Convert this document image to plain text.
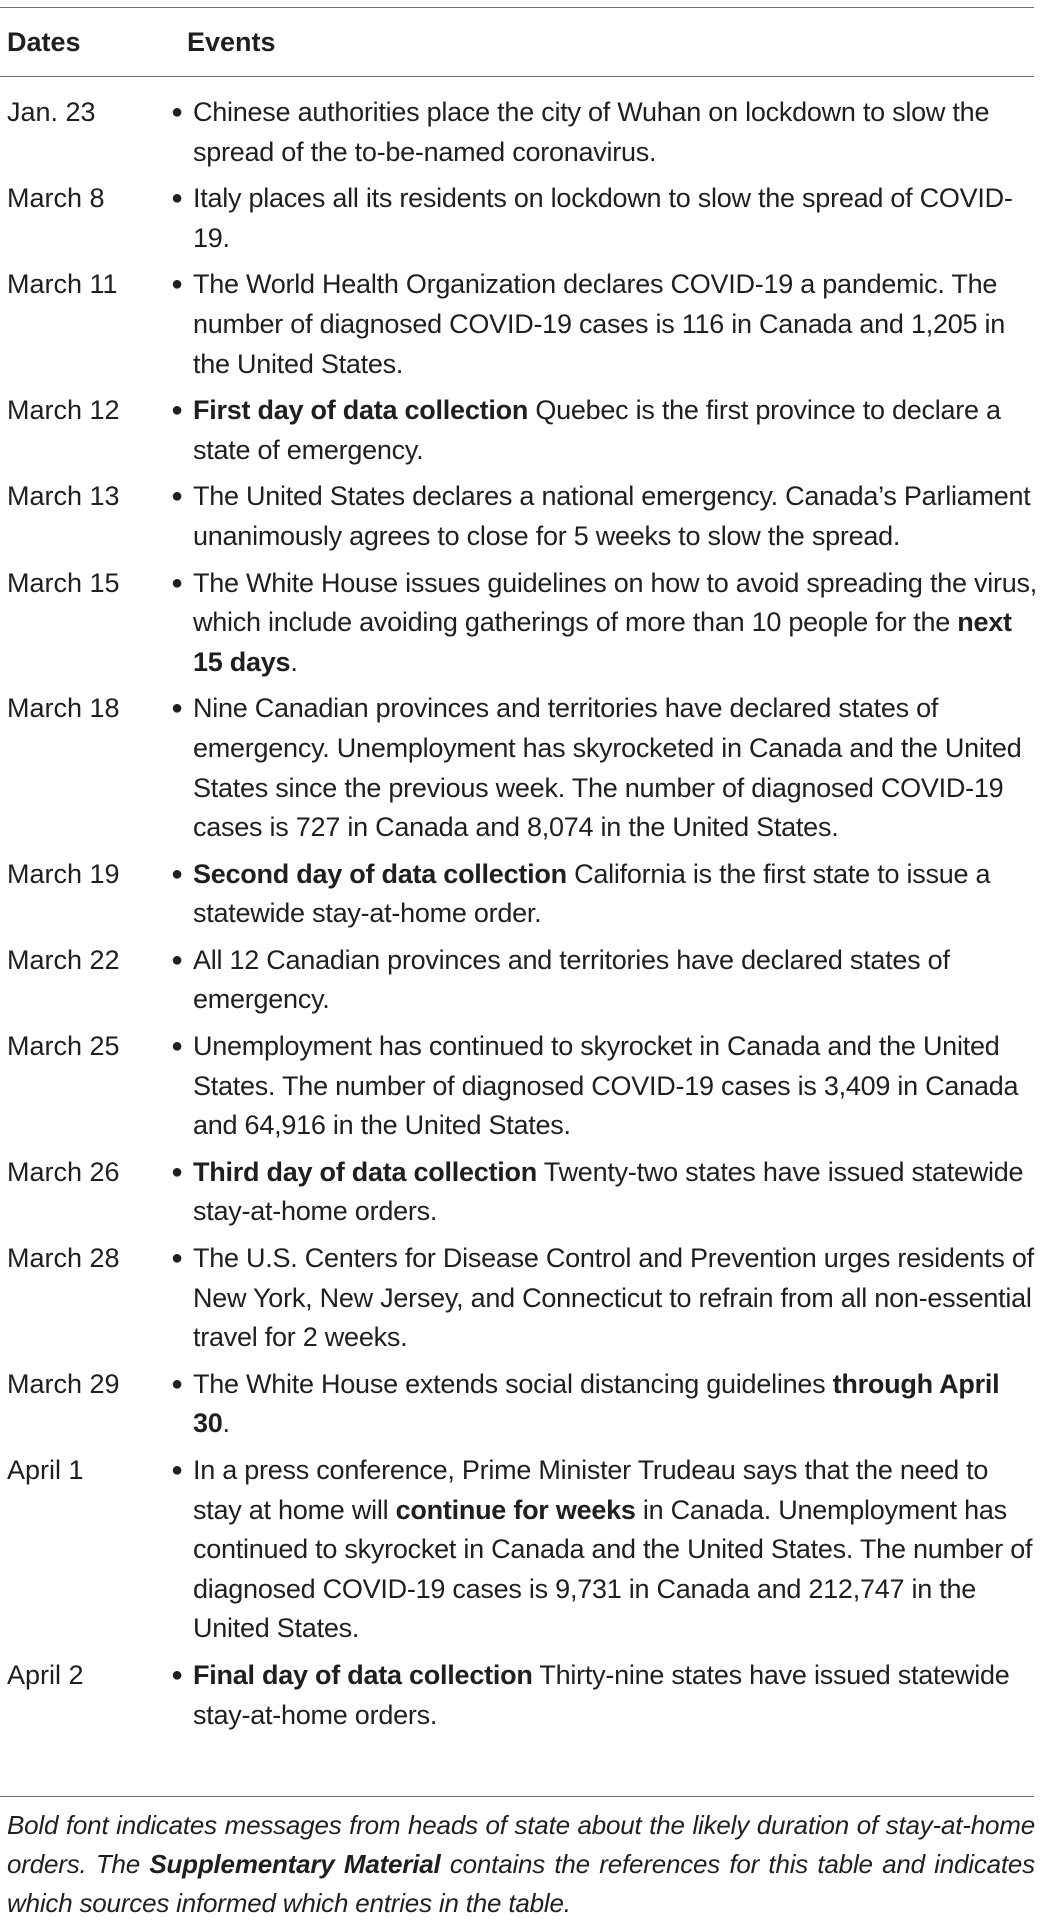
Dates	Events
Jan. 23	● Chinese authorities place the city of Wuhan on lockdown to slow the spread of the to-be-named coronavirus.
March 8	● Italy places all its residents on lockdown to slow the spread of COVID-19.
March 11	● The World Health Organization declares COVID-19 a pandemic. The number of diagnosed COVID-19 cases is 116 in Canada and 1,205 in the United States.
March 12	● First day of data collection Quebec is the first province to declare a state of emergency.
March 13	● The United States declares a national emergency. Canada’s Parliament unanimously agrees to close for 5 weeks to slow the spread.
March 15	● The White House issues guidelines on how to avoid spreading the virus, which include avoiding gatherings of more than 10 people for the next 15 days.
March 18	● Nine Canadian provinces and territories have declared states of emergency. Unemployment has skyrocketed in Canada and the United States since the previous week. The number of diagnosed COVID-19 cases is 727 in Canada and 8,074 in the United States.
March 19	● Second day of data collection California is the first state to issue a statewide stay-at-home order.
March 22	● All 12 Canadian provinces and territories have declared states of emergency.
March 25	● Unemployment has continued to skyrocket in Canada and the United States. The number of diagnosed COVID-19 cases is 3,409 in Canada and 64,916 in the United States.
March 26	● Third day of data collection Twenty-two states have issued statewide stay-at-home orders.
March 28	● The U.S. Centers for Disease Control and Prevention urges residents of New York, New Jersey, and Connecticut to refrain from all non-essential travel for 2 weeks.
March 29	● The White House extends social distancing guidelines through April 30.
April 1	● In a press conference, Prime Minister Trudeau says that the need to stay at home will continue for weeks in Canada. Unemployment has continued to skyrocket in Canada and the United States. The number of diagnosed COVID-19 cases is 9,731 in Canada and 212,747 in the United States.
April 2	● Final day of data collection Thirty-nine states have issued statewide stay-at-home orders.
Bold font indicates messages from heads of state about the likely duration of stay-at-home orders. The Supplementary Material contains the references for this table and indicates which sources informed which entries in the table.
